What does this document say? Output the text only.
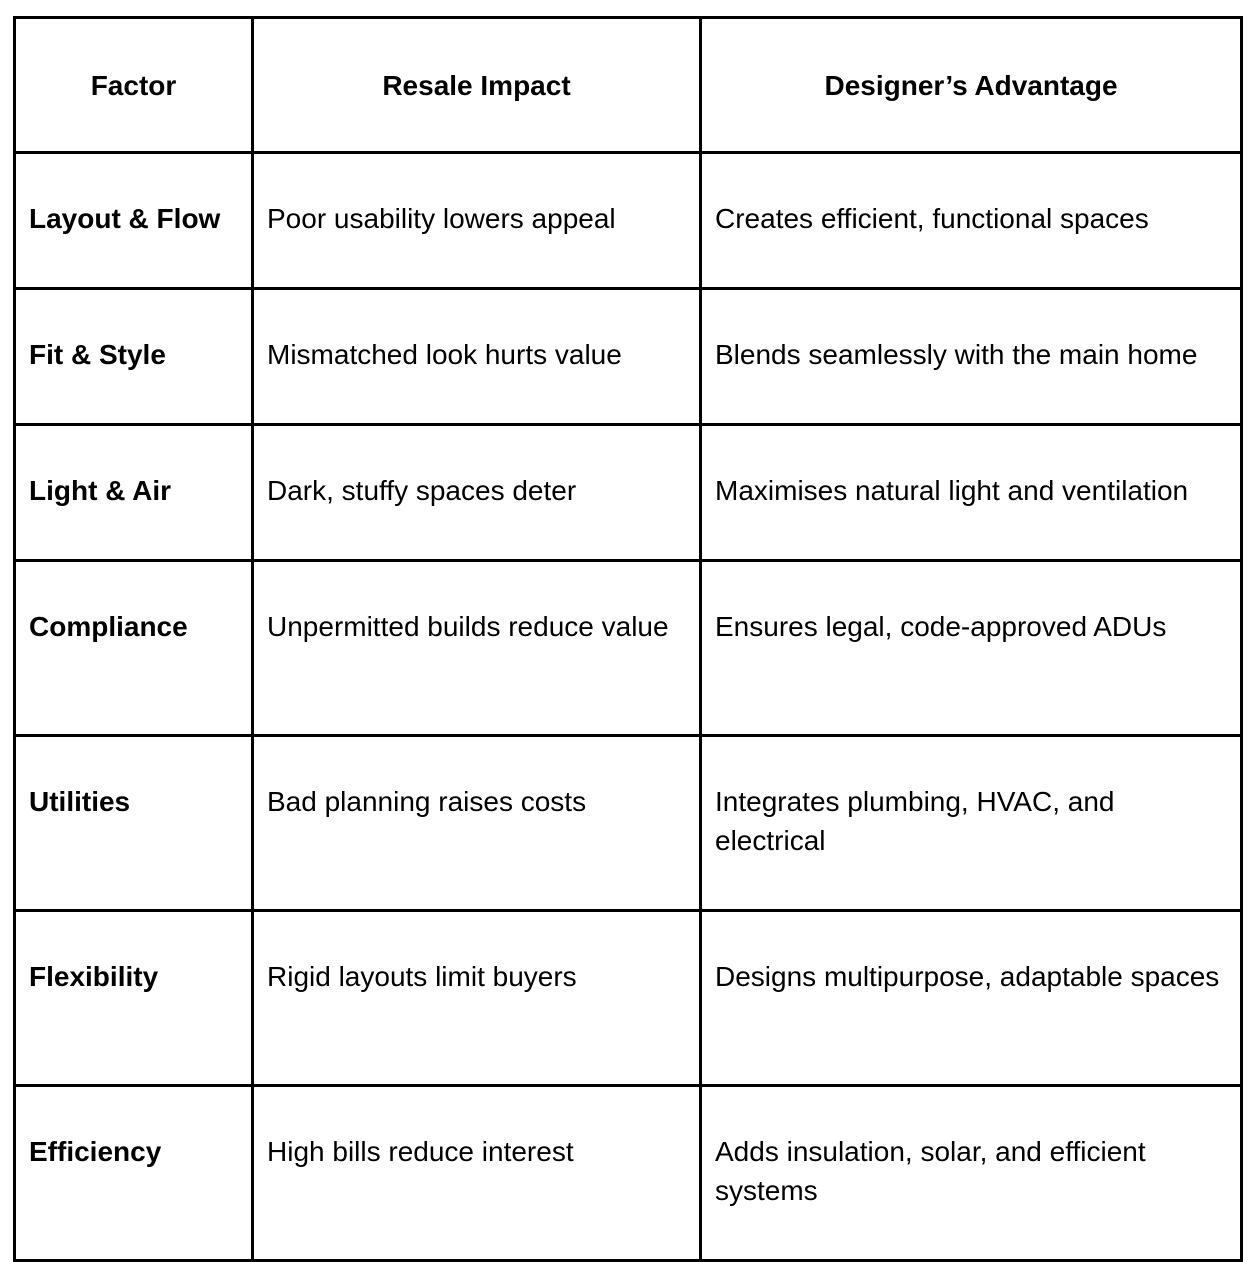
Factor	Resale Impact	Designer’s Advantage
Layout & Flow	Poor usability lowers appeal	Creates efficient, functional spaces
Fit & Style	Mismatched look hurts value	Blends seamlessly with the main home
Light & Air	Dark, stuffy spaces deter	Maximises natural light and ventilation
Compliance	Unpermitted builds reduce value	Ensures legal, code-approved ADUs
Utilities	Bad planning raises costs	Integrates plumbing, HVAC, and electrical
Flexibility	Rigid layouts limit buyers	Designs multipurpose, adaptable spaces
Efficiency	High bills reduce interest	Adds insulation, solar, and efficient systems
